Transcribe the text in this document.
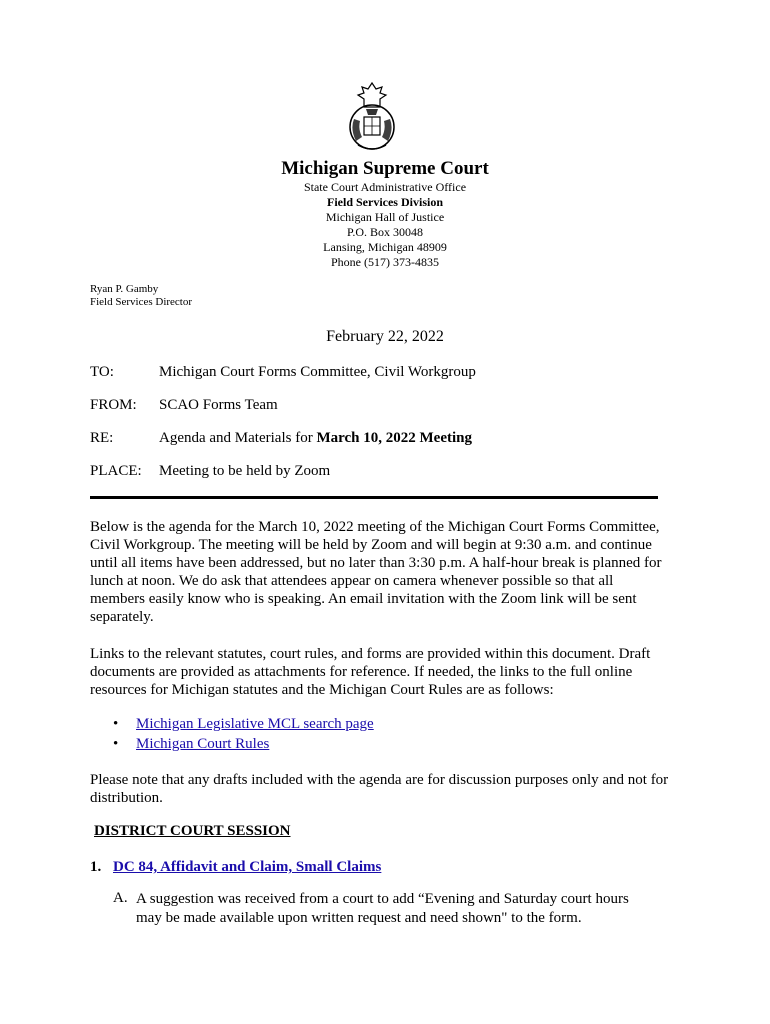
Michigan Supreme Court
State Court Administrative Office
Field Services Division
Michigan Hall of Justice
P.O. Box 30048
Lansing, Michigan 48909
Phone (517) 373-4835
Ryan P. Gamby
Field Services Director
February 22, 2022
TO:	Michigan Court Forms Committee, Civil Workgroup
FROM: SCAO Forms Team
RE:	Agenda and Materials for March 10, 2022 Meeting
PLACE: Meeting to be held by Zoom
Below is the agenda for the March 10, 2022 meeting of the Michigan Court Forms Committee, Civil Workgroup. The meeting will be held by Zoom and will begin at 9:30 a.m. and continue until all items have been addressed, but no later than 3:30 p.m. A half-hour break is planned for lunch at noon. We do ask that attendees appear on camera whenever possible so that all members easily know who is speaking. An email invitation with the Zoom link will be sent separately.
Links to the relevant statutes, court rules, and forms are provided within this document. Draft documents are provided as attachments for reference. If needed, the links to the full online resources for Michigan statutes and the Michigan Court Rules are as follows:
• Michigan Legislative MCL search page
• Michigan Court Rules
Please note that any drafts included with the agenda are for discussion purposes only and not for distribution.
DISTRICT COURT SESSION
1. DC 84, Affidavit and Claim, Small Claims
A. A suggestion was received from a court to add “Evening and Saturday court hours may be made available upon written request and need shown" to the form.
